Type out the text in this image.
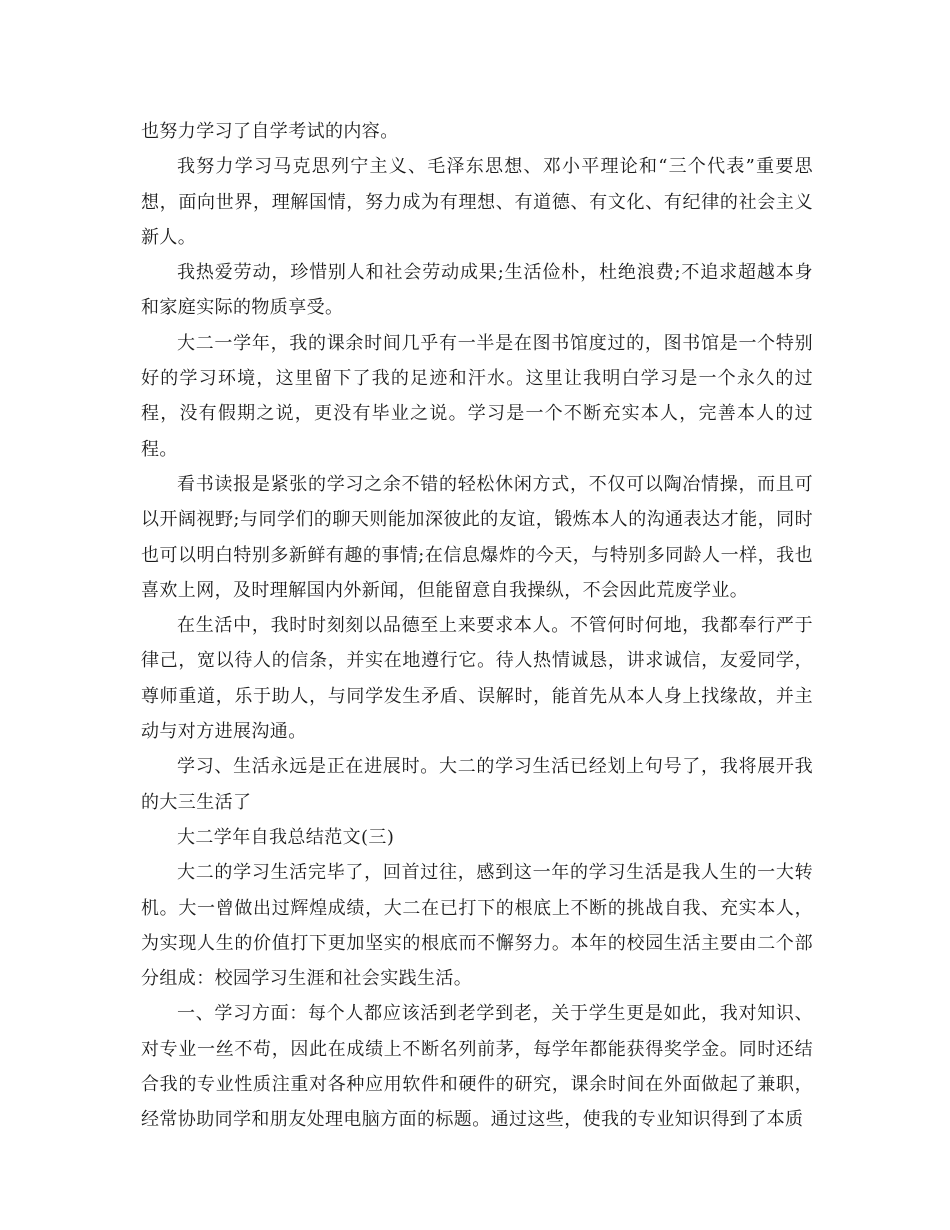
也努力学习了自学考试的内容。

我努力学习马克思列宁主义、毛泽东思想、邓小平理论和“三个代表”重要思想，面向世界，理解国情，努力成为有理想、有道德、有文化、有纪律的社会主义新人。

我热爱劳动，珍惜别人和社会劳动成果;生活俭朴，杜绝浪费;不追求超越本身和家庭实际的物质享受。

大二一学年，我的课余时间几乎有一半是在图书馆度过的，图书馆是一个特别好的学习环境，这里留下了我的足迹和汗水。这里让我明白学习是一个永久的过程，没有假期之说，更没有毕业之说。学习是一个不断充实本人，完善本人的过程。

看书读报是紧张的学习之余不错的轻松休闲方式，不仅可以陶冶情操，而且可以开阔视野;与同学们的聊天则能加深彼此的友谊，锻炼本人的沟通表达才能，同时也可以明白特别多新鲜有趣的事情;在信息爆炸的今天，与特别多同龄人一样，我也喜欢上网，及时理解国内外新闻，但能留意自我操纵，不会因此荒废学业。

在生活中，我时时刻刻以品德至上来要求本人。不管何时何地，我都奉行严于律己，宽以待人的信条，并实在地遵行它。待人热情诚恳，讲求诚信，友爱同学，尊师重道，乐于助人，与同学发生矛盾、误解时，能首先从本人身上找缘故，并主动与对方进展沟通。

学习、生活永远是正在进展时。大二的学习生活已经划上句号了，我将展开我的大三生活了

大二学年自我总结范文(三)

大二的学习生活完毕了，回首过往，感到这一年的学习生活是我人生的一大转机。大一曾做出过辉煌成绩，大二在已打下的根底上不断的挑战自我、充实本人，为实现人生的价值打下更加坚实的根底而不懈努力。本年的校园生活主要由二个部分组成：校园学习生涯和社会实践生活。

一、学习方面：每个人都应该活到老学到老，关于学生更是如此，我对知识、对专业一丝不苟，因此在成绩上不断名列前茅，每学年都能获得奖学金。同时还结合我的专业性质注重对各种应用软件和硬件的研究，课余时间在外面做起了兼职，经常协助同学和朋友处理电脑方面的标题。通过这些，使我的专业知识得到了本质
